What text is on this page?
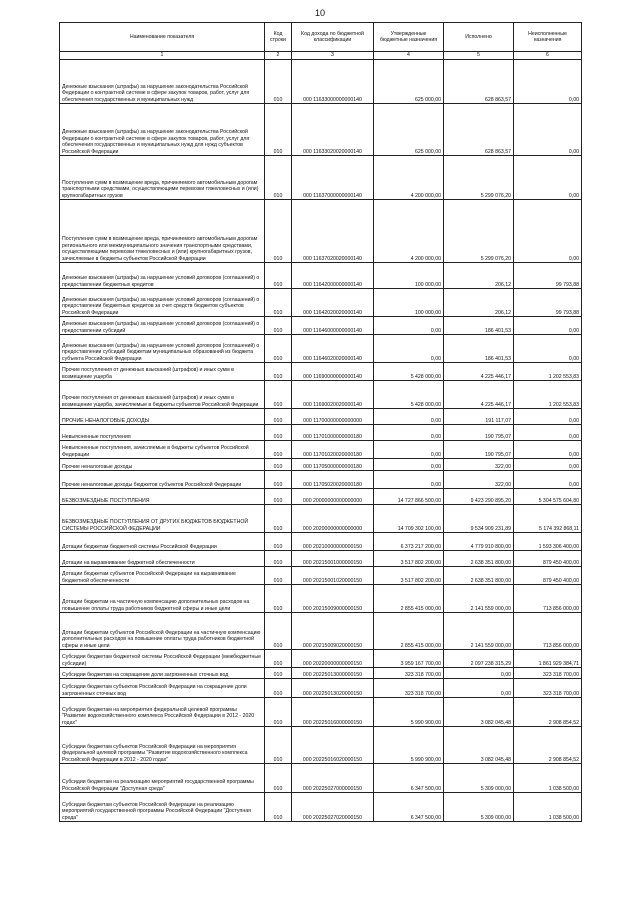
10
Наименование показателя	Код строки	Код дохода по бюджетной классификации	Утвержденные бюджетные назначения	Исполнено	Неисполненные назначения
1	2	3	4	5	6
Денежные взыскания (штрафы) за нарушение законодательства Российской Федерации о контрактной системе в сфере закупок товаров, работ, услуг для обеспечения государственных и муниципальных нужд	010	000 11633000000000140	625 000,00	628 863,57	0,00
Денежные взыскания (штрафы) за нарушение законодательства Российской Федерации о контрактной системе в сфере закупок товаров, работ, услуг для обеспечения государственных и муниципальных нужд для нужд субъектов Российской Федерации	010	000 11633020020000140	625 000,00	628 863,57	0,00
Поступления сумм в возмещение вреда, причиняемого автомобильным дорогам транспортными средствами, осуществляющими перевозки тяжеловесных и (или) крупногабаритных грузов	010	000 11637000000000140	4 200 000,00	5 299 076,20	0,00
Поступления сумм в возмещение вреда, причиняемого автомобильным дорогам регионального или межмуниципального значения транспортными средствами, осуществляющими перевозки тяжеловесных и (или) крупногабаритных грузов, зачисляемые в бюджеты субъектов Российской Федерации	010	000 11637020020000140	4 200 000,00	5 299 076,20	0,00
Денежные взыскания (штрафы) за нарушение условий договоров (соглашений) о предоставлении бюджетных кредитов	010	000 11642000000000140	100 000,00	206,12	99 793,88
Денежные взыскания (штрафы) за нарушение условий договоров (соглашений) о предоставлении бюджетных кредитов за счет средств бюджетов субъектов Российской Федерации	010	000 11642020020000140	100 000,00	206,12	99 793,88
Денежные взыскания (штрафы) за нарушение условий договоров (соглашений) о предоставлении субсидий	010	000 11646000000000140	0,00	186 401,53	0,00
Денежные взыскания (штрафы) за нарушение условий договоров (соглашений) о предоставлении субсидий бюджетам муниципальных образований из бюджета субъекта Российской Федерации	010	000 11646020020000140	0,00	186 401,53	0,00
Прочие поступления от денежных взысканий (штрафов) и иных сумм в возмещение ущерба	010	000 11690000000000140	5 428 000,00	4 225 446,17	1 202 553,83
Прочие поступления от денежных взысканий (штрафов) и иных сумм в возмещение ущерба, зачисляемые в бюджеты субъектов Российской Федерации	010	000 11690020020000140	5 428 000,00	4 225 446,17	1 202 553,83
ПРОЧИЕ НЕНАЛОГОВЫЕ ДОХОДЫ	010	000 11700000000000000	0,00	191 117,07	0,00
Невыясненные поступления	010	000 11701000000000180	0,00	190 795,07	0,00
Невыясненные поступления, зачисляемые в бюджеты субъектов Российской Федерации	010	000 11701020020000180	0,00	190 795,07	0,00
Прочие неналоговые доходы	010	000 11705000000000180	0,00	322,00	0,00
Прочие неналоговые доходы бюджетов субъектов Российской Федерации	010	000 11705020020000180	0,00	322,00	0,00
БЕЗВОЗМЕЗДНЫЕ ПОСТУПЛЕНИЯ	010	000 20000000000000000	14 727 866 500,00	9 423 290 895,20	5 304 575 604,80
БЕЗВОЗМЕЗДНЫЕ ПОСТУПЛЕНИЯ ОТ ДРУГИХ БЮДЖЕТОВ БЮДЖЕТНОЙ СИСТЕМЫ РОССИЙСКОЙ ФЕДЕРАЦИИ	010	000 20200000000000000	14 709 302 100,00	9 534 909 231,89	5 174 392 868,11
Дотации бюджетам бюджетной системы Российской Федерации	010	000 20210000000000150	6 373 217 200,00	4 779 910 800,00	1 593 306 400,00
Дотации на выравнивание бюджетной обеспеченности	010	000 20215001000000150	3 517 802 200,00	2 638 351 800,00	879 450 400,00
Дотации бюджетам субъектов Российской Федерации на выравнивание бюджетной обеспеченности	010	000 20215001020000150	3 517 802 200,00	2 638 351 800,00	879 450 400,00
Дотации бюджетам на частичную компенсацию дополнительных расходов на повышение оплаты труда работников бюджетной сферы и иные цели	010	000 20215009000000150	2 855 415 000,00	2 141 559 000,00	713 856 000,00
Дотации бюджетам субъектов Российской Федерации на частичную компенсацию дополнительных расходов на повышение оплаты труда работников бюджетной сферы и иные цели	010	000 20215009020000150	2 855 415 000,00	2 141 559 000,00	713 856 000,00
Субсидии бюджетам бюджетной системы Российской Федерации (межбюджетные субсидии)	010	000 20220000000000150	3 959 167 700,00	2 097 238 315,29	1 861 929 384,71
Субсидии бюджетам на сокращение доли загрязненных сточных вод	010	000 20225013000000150	323 318 700,00	0,00	323 318 700,00
Субсидии бюджетам субъектов Российской Федерации на сокращение доли загрязненных сточных вод	010	000 20225013020000150	323 318 700,00	0,00	323 318 700,00
Субсидии бюджетам на мероприятия федеральной целевой программы "Развитие водохозяйственного комплекса Российской Федерации в 2012 - 2020 годах"	010	000 20225016000000150	5 990 900,00	3 082 045,48	2 908 854,52
Субсидии бюджетам субъектов Российской Федерации на мероприятия федеральной целевой программы "Развитие водохозяйственного комплекса Российской Федерации в 2012 - 2020 годах"	010	000 20225016020000150	5 990 900,00	3 082 045,48	2 908 854,52
Субсидии бюджетам на реализацию мероприятий государственной программы Российской Федерации "Доступная среда"	010	000 20225027000000150	6 347 500,00	5 309 000,00	1 038 500,00
Субсидии бюджетам субъектов Российской Федерации на реализацию мероприятий государственной программы Российской Федерации "Доступная среда"	010	000 20225027020000150	6 347 500,00	5 309 000,00	1 038 500,00
